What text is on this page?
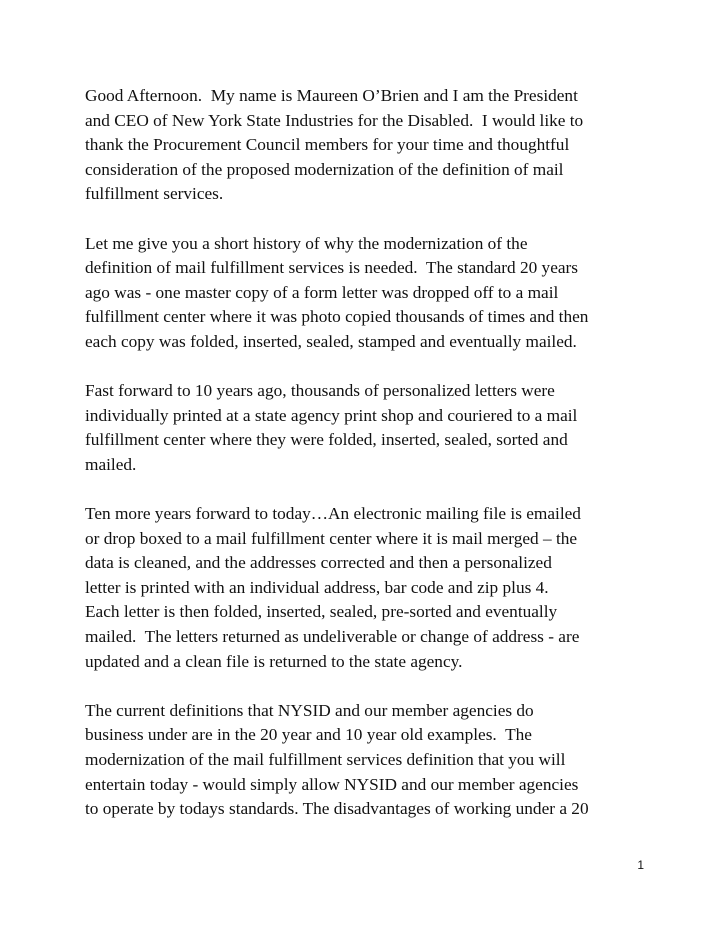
Good Afternoon.  My name is Maureen O’Brien and I am the President
and CEO of New York State Industries for the Disabled.  I would like to
thank the Procurement Council members for your time and thoughtful
consideration of the proposed modernization of the definition of mail
fulfillment services.
Let me give you a short history of why the modernization of the
definition of mail fulfillment services is needed.  The standard 20 years
ago was - one master copy of a form letter was dropped off to a mail
fulfillment center where it was photo copied thousands of times and then
each copy was folded, inserted, sealed, stamped and eventually mailed.
Fast forward to 10 years ago, thousands of personalized letters were
individually printed at a state agency print shop and couriered to a mail
fulfillment center where they were folded, inserted, sealed, sorted and
mailed.
Ten more years forward to today…An electronic mailing file is emailed
or drop boxed to a mail fulfillment center where it is mail merged – the
data is cleaned, and the addresses corrected and then a personalized
letter is printed with an individual address, bar code and zip plus 4.
Each letter is then folded, inserted, sealed, pre-sorted and eventually
mailed.  The letters returned as undeliverable or change of address - are
updated and a clean file is returned to the state agency.
The current definitions that NYSID and our member agencies do
business under are in the 20 year and 10 year old examples.  The
modernization of the mail fulfillment services definition that you will
entertain today - would simply allow NYSID and our member agencies
to operate by todays standards. The disadvantages of working under a 20
1
